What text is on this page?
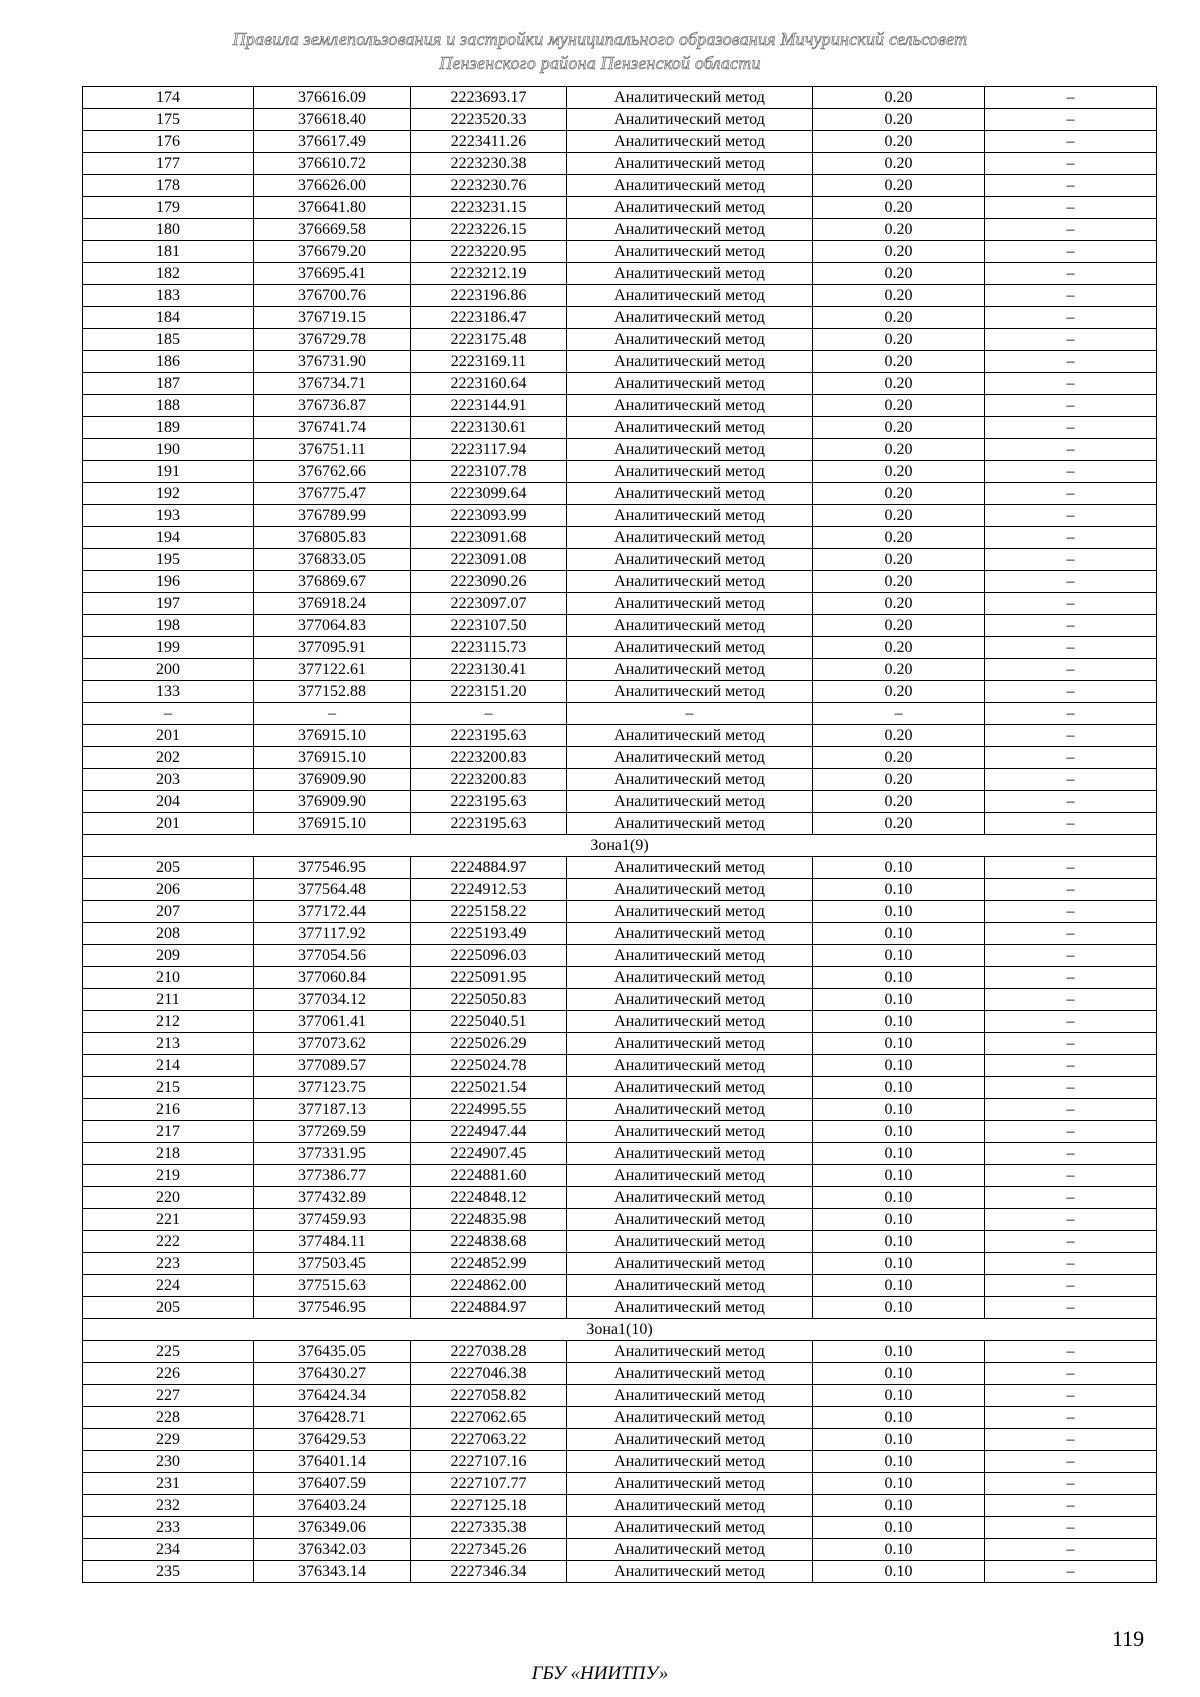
Правила землепользования и застройки муниципального образования Мичуринский сельсовет
Пензенского района Пензенской области
174	376616.09	2223693.17	Аналитический метод	0.20	–
175	376618.40	2223520.33	Аналитический метод	0.20	–
176	376617.49	2223411.26	Аналитический метод	0.20	–
177	376610.72	2223230.38	Аналитический метод	0.20	–
178	376626.00	2223230.76	Аналитический метод	0.20	–
179	376641.80	2223231.15	Аналитический метод	0.20	–
180	376669.58	2223226.15	Аналитический метод	0.20	–
181	376679.20	2223220.95	Аналитический метод	0.20	–
182	376695.41	2223212.19	Аналитический метод	0.20	–
183	376700.76	2223196.86	Аналитический метод	0.20	–
184	376719.15	2223186.47	Аналитический метод	0.20	–
185	376729.78	2223175.48	Аналитический метод	0.20	–
186	376731.90	2223169.11	Аналитический метод	0.20	–
187	376734.71	2223160.64	Аналитический метод	0.20	–
188	376736.87	2223144.91	Аналитический метод	0.20	–
189	376741.74	2223130.61	Аналитический метод	0.20	–
190	376751.11	2223117.94	Аналитический метод	0.20	–
191	376762.66	2223107.78	Аналитический метод	0.20	–
192	376775.47	2223099.64	Аналитический метод	0.20	–
193	376789.99	2223093.99	Аналитический метод	0.20	–
194	376805.83	2223091.68	Аналитический метод	0.20	–
195	376833.05	2223091.08	Аналитический метод	0.20	–
196	376869.67	2223090.26	Аналитический метод	0.20	–
197	376918.24	2223097.07	Аналитический метод	0.20	–
198	377064.83	2223107.50	Аналитический метод	0.20	–
199	377095.91	2223115.73	Аналитический метод	0.20	–
200	377122.61	2223130.41	Аналитический метод	0.20	–
133	377152.88	2223151.20	Аналитический метод	0.20	–
–	–	–	–	–	–
201	376915.10	2223195.63	Аналитический метод	0.20	–
202	376915.10	2223200.83	Аналитический метод	0.20	–
203	376909.90	2223200.83	Аналитический метод	0.20	–
204	376909.90	2223195.63	Аналитический метод	0.20	–
201	376915.10	2223195.63	Аналитический метод	0.20	–
Зона1(9)					
205	377546.95	2224884.97	Аналитический метод	0.10	–
206	377564.48	2224912.53	Аналитический метод	0.10	–
207	377172.44	2225158.22	Аналитический метод	0.10	–
208	377117.92	2225193.49	Аналитический метод	0.10	–
209	377054.56	2225096.03	Аналитический метод	0.10	–
210	377060.84	2225091.95	Аналитический метод	0.10	–
211	377034.12	2225050.83	Аналитический метод	0.10	–
212	377061.41	2225040.51	Аналитический метод	0.10	–
213	377073.62	2225026.29	Аналитический метод	0.10	–
214	377089.57	2225024.78	Аналитический метод	0.10	–
215	377123.75	2225021.54	Аналитический метод	0.10	–
216	377187.13	2224995.55	Аналитический метод	0.10	–
217	377269.59	2224947.44	Аналитический метод	0.10	–
218	377331.95	2224907.45	Аналитический метод	0.10	–
219	377386.77	2224881.60	Аналитический метод	0.10	–
220	377432.89	2224848.12	Аналитический метод	0.10	–
221	377459.93	2224835.98	Аналитический метод	0.10	–
222	377484.11	2224838.68	Аналитический метод	0.10	–
223	377503.45	2224852.99	Аналитический метод	0.10	–
224	377515.63	2224862.00	Аналитический метод	0.10	–
205	377546.95	2224884.97	Аналитический метод	0.10	–
Зона1(10)					
225	376435.05	2227038.28	Аналитический метод	0.10	–
226	376430.27	2227046.38	Аналитический метод	0.10	–
227	376424.34	2227058.82	Аналитический метод	0.10	–
228	376428.71	2227062.65	Аналитический метод	0.10	–
229	376429.53	2227063.22	Аналитический метод	0.10	–
230	376401.14	2227107.16	Аналитический метод	0.10	–
231	376407.59	2227107.77	Аналитический метод	0.10	–
232	376403.24	2227125.18	Аналитический метод	0.10	–
233	376349.06	2227335.38	Аналитический метод	0.10	–
234	376342.03	2227345.26	Аналитический метод	0.10	–
235	376343.14	2227346.34	Аналитический метод	0.10	–
119
ГБУ «НИИТПУ»
